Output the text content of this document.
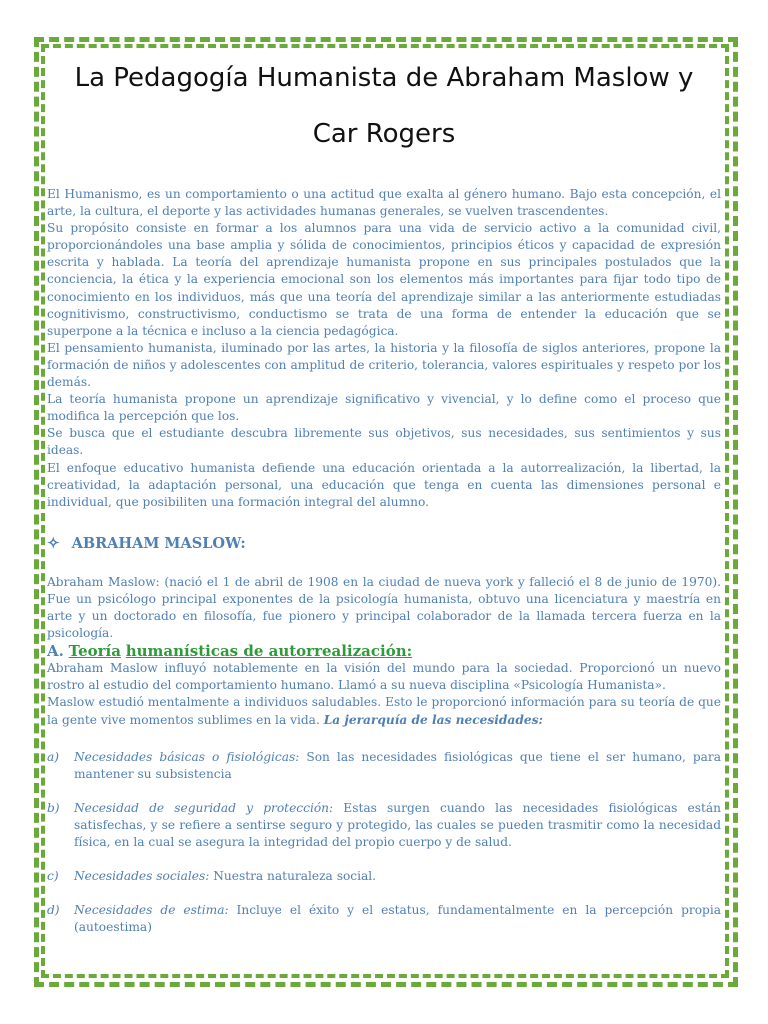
La Pedagogía Humanista de Abraham Maslow y
Car Rogers

El Humanismo, es un comportamiento o una actitud que exalta al género humano. Bajo esta concepción, el arte, la cultura, el deporte y las actividades humanas generales, se vuelven trascendentes.

Su propósito consiste en formar a los alumnos para una vida de servicio activo a la comunidad civil, proporcionándoles una base amplia y sólida de conocimientos, principios éticos y capacidad de expresión escrita y hablada. La teoría del aprendizaje humanista propone en sus principales postulados que la conciencia, la ética y la experiencia emocional son los elementos más importantes para fijar todo tipo de conocimiento en los individuos, más que una teoría del aprendizaje similar a las anteriormente estudiadas cognitivismo, constructivismo, conductismo se trata de una forma de entender la educación que se superpone a la técnica e incluso a la ciencia pedagógica.

El pensamiento humanista, iluminado por las artes, la historia y la filosofía de siglos anteriores, propone la formación de niños y adolescentes con amplitud de criterio, tolerancia, valores espirituales y respeto por los demás.

La teoría humanista propone un aprendizaje significativo y vivencial, y lo define como el proceso que modifica la percepción que los.

Se busca que el estudiante descubra libremente sus objetivos, sus necesidades, sus sentimientos y sus ideas.

El enfoque educativo humanista defiende una educación orientada a la autorrealización, la libertad, la creatividad, la adaptación personal, una educación que tenga en cuenta las dimensiones personal e individual, que posibiliten una formación integral del alumno.

✧ ABRAHAM MASLOW:

Abraham Maslow: (nació el 1 de abril de 1908 en la ciudad de nueva york y falleció el 8 de junio de 1970). Fue un psicólogo principal exponentes de la psicología humanista, obtuvo una licenciatura y maestría en arte y un doctorado en filosofía, fue pionero y principal colaborador de la llamada tercera fuerza en la psicología.

A. Teoría humanísticas de autorrealización:

Abraham Maslow influyó notablemente en la visión del mundo para la sociedad. Proporcionó un nuevo rostro al estudio del comportamiento humano. Llamó a su nueva disciplina «Psicología Humanista».

Maslow estudió mentalmente a individuos saludables. Esto le proporcionó información para su teoría de que la gente vive momentos sublimes en la vida. La jerarquía de las necesidades:

a)	Necesidades básicas o fisiológicas: Son las necesidades fisiológicas que tiene el ser humano, para mantener su subsistencia
b)	Necesidad de seguridad y protección: Estas surgen cuando las necesidades fisiológicas están satisfechas, y se refiere a sentirse seguro y protegido, las cuales se pueden trasmitir como la necesidad física, en la cual se asegura la integridad del propio cuerpo y de salud.
c)	Necesidades sociales: Nuestra naturaleza social.
d)	Necesidades de estima: Incluye el éxito y el estatus, fundamentalmente en la percepción propia (autoestima)
